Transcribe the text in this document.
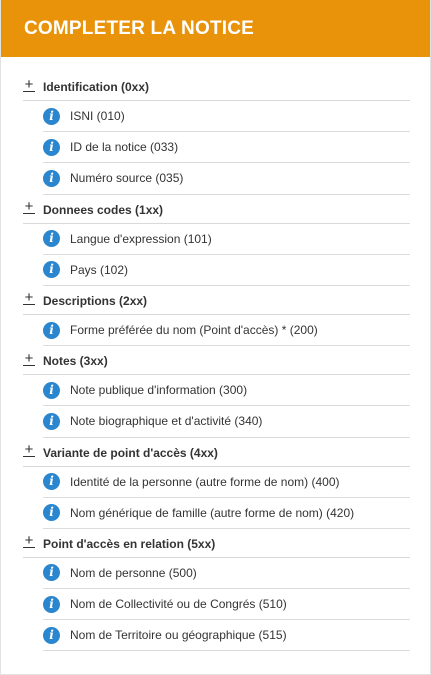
COMPLETER LA NOTICE
+ Identification (0xx)
i	ISNI (010)
i	ID de la notice (033)
i	Numéro source (035)
+ Donnees codes (1xx)
i	Langue d'expression (101)
i	Pays (102)
+ Descriptions (2xx)
i	Forme préférée du nom (Point d'accès) * (200)
+ Notes (3xx)
i	Note publique d'information (300)
i	Note biographique et d'activité (340)
+ Variante de point d'accès (4xx)
i	Identité de la personne (autre forme de nom) (400)
i	Nom générique de famille (autre forme de nom) (420)
+ Point d'accès en relation (5xx)
i	Nom de personne (500)
i	Nom de Collectivité ou de Congrés (510)
i	Nom de Territoire ou géographique (515)
